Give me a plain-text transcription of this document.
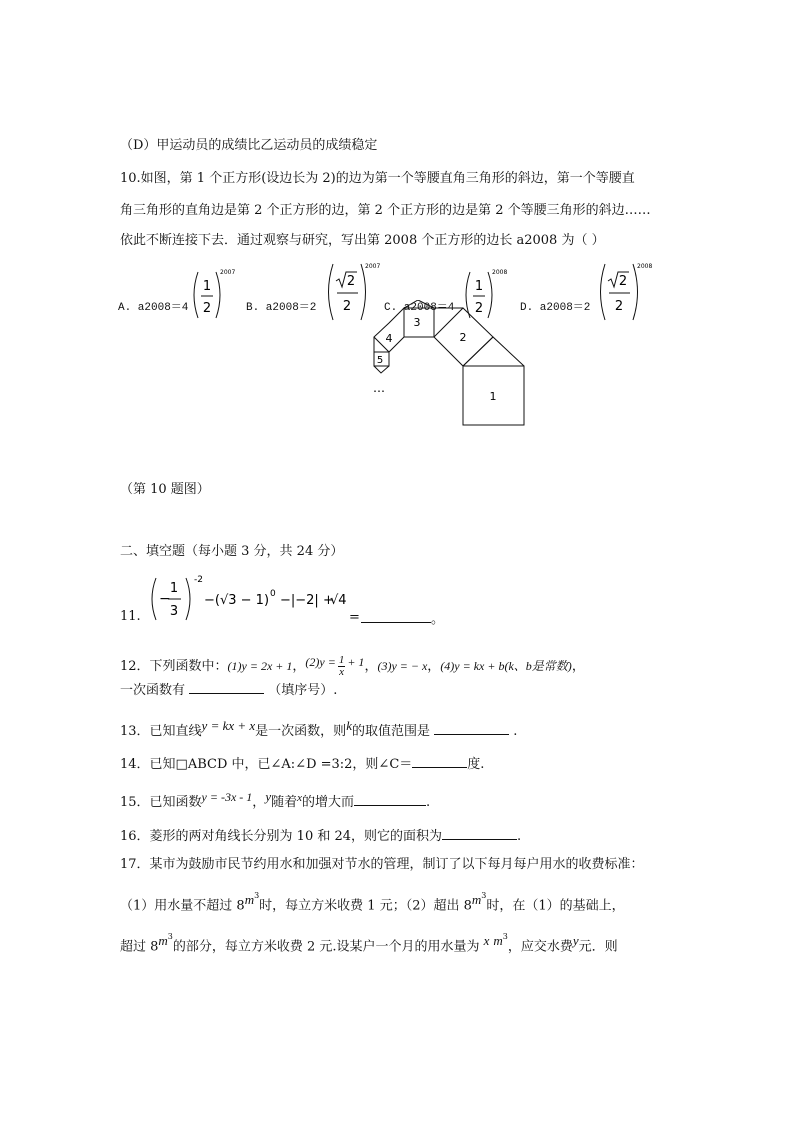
（D）甲运动员的成绩比乙运动员的成绩稳定
10.如图，第 1 个正方形(设边长为 2)的边为第一个等腰直角三角形的斜边，第一个等腰直
角三角形的直角边是第 2 个正方形的边，第 2 个正方形的边是第 2 个等腰三角形的斜边……
依此不断连接下去．通过观察与研究，写出第 2008 个正方形的边长 a2008 为（ ）
A. a2008＝4
1
2
2007
B. a2008＝2
2
2
2007
C. a2008＝4
1
2
2008
D. a2008＝2
2
2
2008
1
2
3
4
5
…
（第 10 题图）
二、填空题（每小题 3 分，共 24 分）
11.
−
1
3
-2
−(√3 − 1) 0 −|−2| +
√4
=	。
12．下列函数中：(1)y = 2x + 1，$(2)y = \frac{1}{x} + 1$，(3)y = − x，(4)y = kx + b(k、b是常数)，
一次函数有	（填序号）.
13．已知直线y = kx + x是一次函数，则k的取值范围是	.
14．已知□ABCD 中，已∠A:∠D =3:2，则∠C＝	度.
15．已知函数y = -3x - 1，y随着$^x$的增大而	.
16．菱形的两对角线长分别为 10 和 24，则它的面积为	.
17．某市为鼓励市民节约用水和加强对节水的管理，制订了以下每月每户用水的收费标准：
（1）用水量不超过 $8m^3$时，每立方米收费 1 元；（2）超出 $8m^3$时，在（1）的基础上，
超过 $8m^3$的部分，每立方米收费 2 元.设某户一个月的用水量为 x $m^3$，应交水费y元．则
